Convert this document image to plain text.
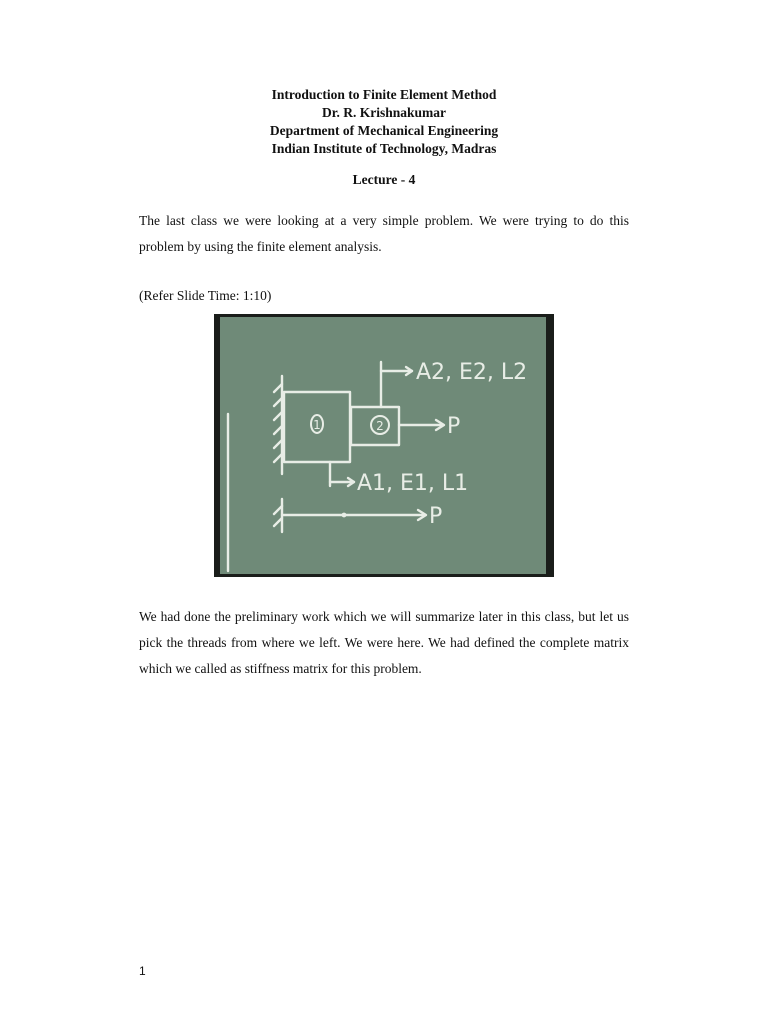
Introduction to Finite Element Method
Dr. R. Krishnakumar
Department of Mechanical Engineering
Indian Institute of Technology, Madras
Lecture - 4
The last class we were looking at a very simple problem. We were trying to do this problem by using the finite element analysis.
(Refer Slide Time: 1:10)
1	2
A2, E2, L2
P
A1, E1, L1
P
We had done the preliminary work which we will summarize later in this class, but let us pick the threads from where we left. We were here. We had defined the complete matrix which we called as stiffness matrix for this problem.
1
